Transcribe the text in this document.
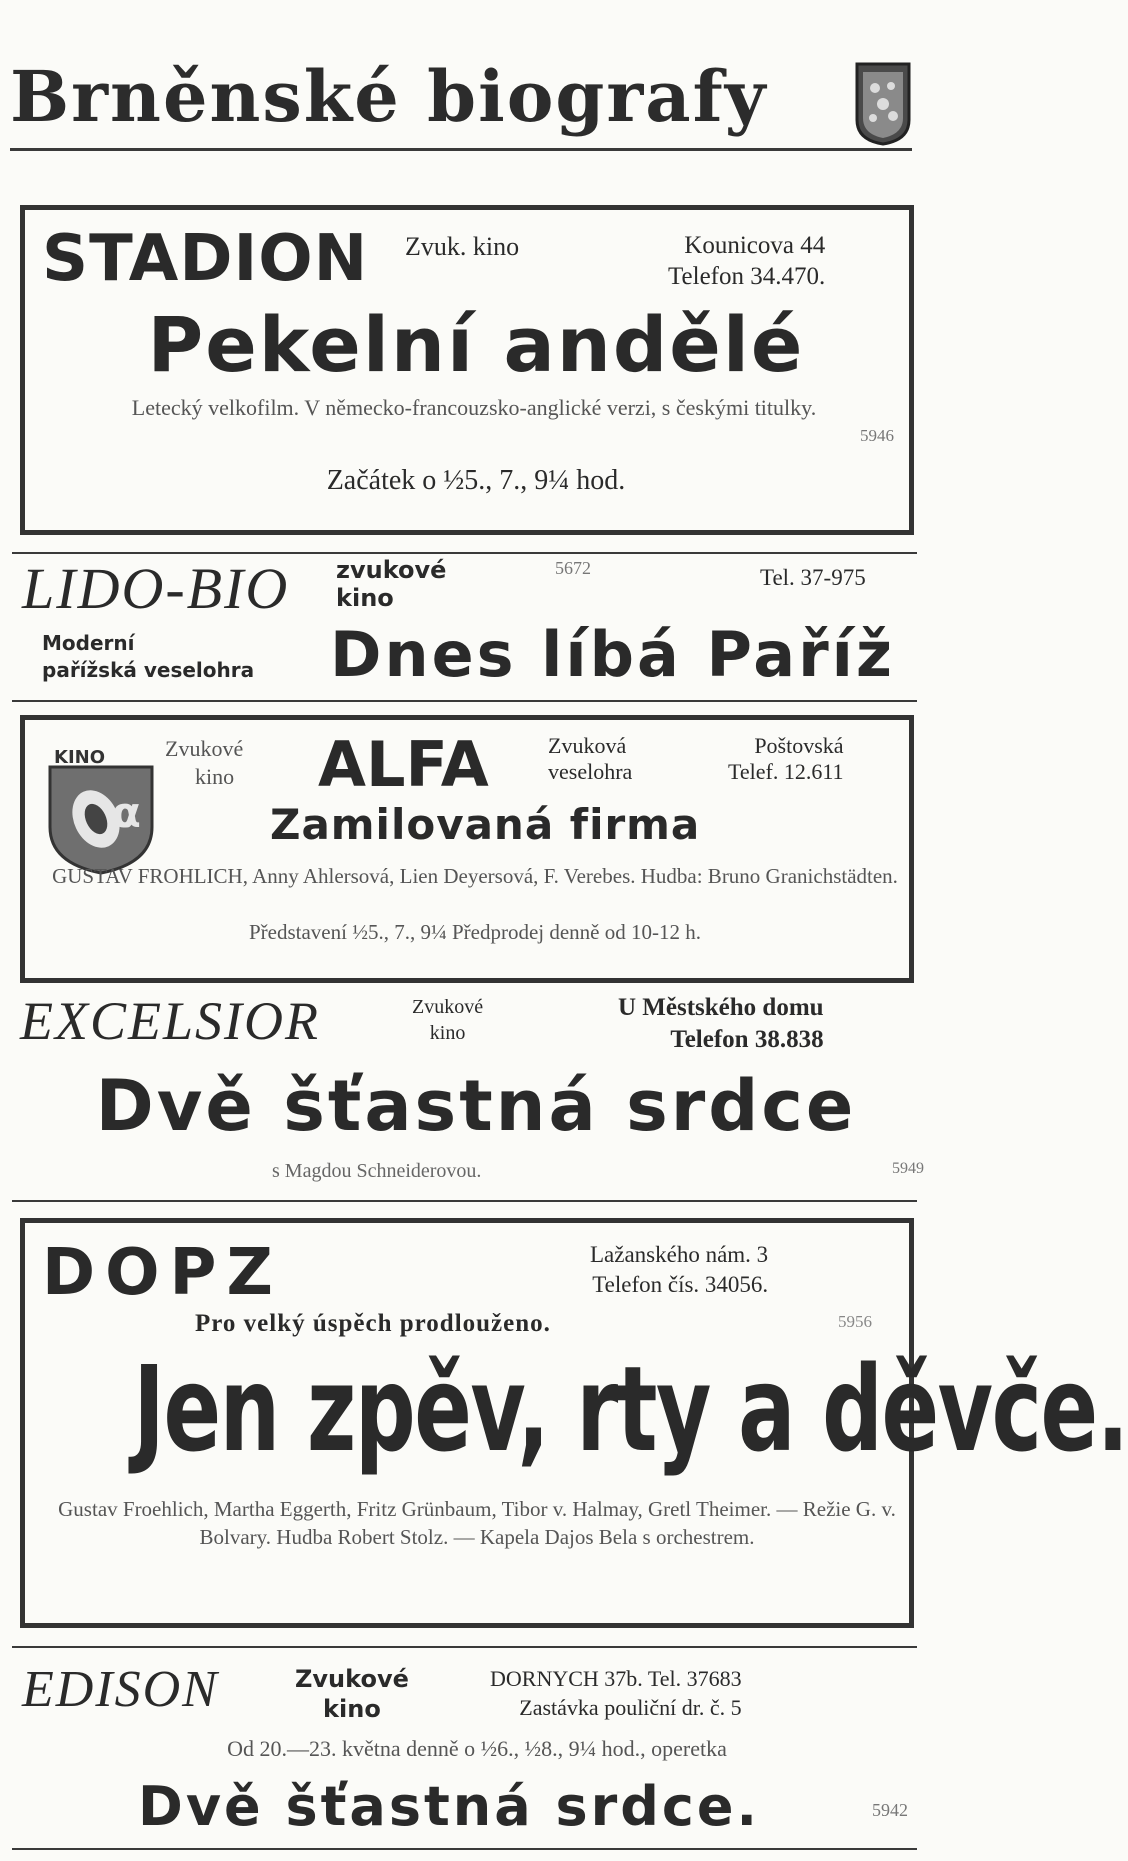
Brněnské biografy
STADION Zvuk. kino	Kounicova 44
Telefon 34.470.
Pekelní andělé
Letecký velkofilm. V německo-francouzsko-anglické verzi, s českými titulky.
5946
Začátek o ½5., 7., 9¼ hod.
LIDO-BIO zvukové
kino
5672	Tel. 37-975
Moderní
pařížská veselohra Dnes líbá Paříž
KINO
α
Zvukové
kino ALFA	Zvuková
veselohra
Poštovská
Telef. 12.611
Zamilovaná firma
GUSTAV FROHLICH, Anny Ahlersová, Lien Deyersová, F. Verebes. Hudba: Bruno Granichstädten.
Představení ½5., 7., 9¼ Předprodej denně od 10-12 h.
EXCELSIOR	Zvukové
kino
U Městského domu
Telefon 38.838
Dvě šťastná srdce
s Magdou Schneiderovou.	5949
DOPZ	Lažanského nám. 3
Telefon čís. 34056.
Pro velký úspěch prodlouženo.	5956
Jen zpěv, rty a děvče.
Gustav Froehlich, Martha Eggerth, Fritz Grünbaum, Tibor v. Halmay, Gretl Theimer. — Režie G. v. Bolvary. Hudba Robert Stolz. — Kapela Dajos Bela s orchestrem.
EDISON	Zvukové
kino
DORNYCH 37b. Tel. 37683
Zastávka pouliční dr. č. 5
Od 20.—23. května denně o ½6., ½8., 9¼ hod., operetka
Dvě šťastná srdce.	5942
